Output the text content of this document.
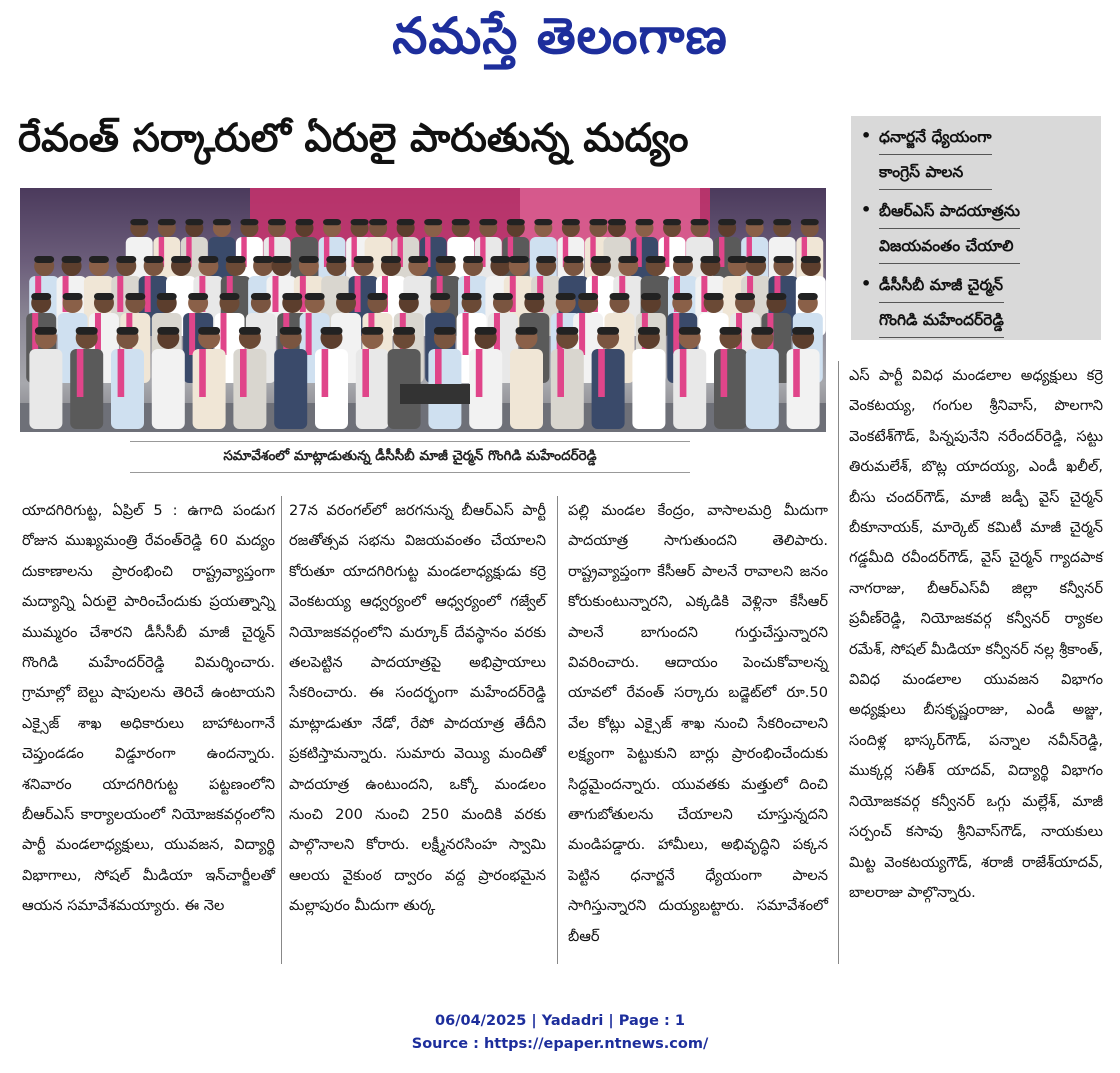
నమస్తే తెలంగాణ
రేవంత్ సర్కారులో ఏరులై పారుతున్న మద్యం
సమావేశంలో మాట్లాడుతున్న డీసీసీబీ మాజీ చైర్మన్ గొంగిడి మహేందర్‌రెడ్డి
• ధనార్జనే ధ్యేయంగా
కాంగ్రెస్ పాలన
• బీఆర్‌ఎస్ పాదయాత్రను
విజయవంతం చేయాలి
• డీసీసీబీ మాజీ చైర్మన్
గొంగిడి మహేందర్‌రెడ్డి

యాదగిరిగుట్ట, ఏప్రిల్ 5 : ఉగాది పండుగ రోజున ముఖ్యమంత్రి రేవంత్‌రెడ్డి 60 మద్యం దుకాణాలను ప్రారంభించి రాష్ట్రవ్యాప్తంగా మద్యాన్ని ఏరులై పారించేందుకు ప్రయత్నాన్ని ముమ్మరం చేశారని డీసీసీబీ మాజీ చైర్మన్ గొంగిడి మహేందర్‌రెడ్డి విమర్శించారు. గ్రామాల్లో బెల్టు షాపులను తెరిచే ఉంటాయని ఎక్సైజ్ శాఖ అధికారులు బాహాటంగానే చెప్తుండడం విడ్డూరంగా ఉందన్నారు. శనివారం యాదగిరిగుట్ట పట్టణంలోని బీఆర్‌ఎస్ కార్యాలయంలో నియోజకవర్గంలోని పార్టీ మండలాధ్యక్షులు, యువజన, విద్యార్థి విభాగాలు, సోషల్ మీడియా ఇన్‌చార్జీలతో ఆయన సమావేశమయ్యారు. ఈ నెల

27న వరంగల్‌లో జరగనున్న బీఆర్‌ఎస్ పార్టీ రజతోత్సవ సభను విజయవంతం చేయాలని కోరుతూ యాదగిరిగుట్ట మండలాధ్యక్షుడు కర్రె వెంకటయ్య ఆధ్వర్యంలో ఆధ్వర్యంలో గజ్వేల్ నియోజకవర్గంలోని మర్కూక్ దేవస్థానం వరకు తలపెట్టిన పాదయాత్రపై అభిప్రాయాలు సేకరించారు. ఈ సందర్భంగా మహేందర్‌రెడ్డి మాట్లాడుతూ నేడో, రేపో పాదయాత్ర తేదీని ప్రకటిస్తామన్నారు. సుమారు వెయ్యి మందితో పాదయాత్ర ఉంటుందని, ఒక్కో మండలం నుంచి 200 నుంచి 250 మందికి వరకు పాల్గొనాలని కోరారు. లక్ష్మీనరసింహ స్వామి ఆలయ వైకుంఠ ద్వారం వద్ద ప్రారంభమైన మల్లాపురం మీదుగా తుర్క

పల్లి మండల కేంద్రం, వాసాలమర్రి మీదుగా పాదయాత్ర సాగుతుందని తెలిపారు. రాష్ట్రవ్యాప్తంగా కేసీఆర్ పాలనే రావాలని జనం కోరుకుంటున్నారని, ఎక్కడికి వెళ్లినా కేసీఆర్ పాలనే బాగుందని గుర్తుచేస్తున్నారని వివరించారు. ఆదాయం పెంచుకోవాలన్న యావలో రేవంత్ సర్కారు బడ్జెట్‌లో రూ.50 వేల కోట్లు ఎక్సైజ్ శాఖ నుంచి సేకరించాలని లక్ష్యంగా పెట్టుకుని బార్లు ప్రారంభించేందుకు సిద్ధమైందన్నారు. యువతకు మత్తులో దించి తాగుబోతులను చేయాలని చూస్తున్నదని మండిపడ్డారు. హామీలు, అభివృద్ధిని పక్కన పెట్టిన ధనార్జనే ధ్యేయంగా పాలన సాగిస్తున్నారని దుయ్యబట్టారు. సమావేశంలో బీఆర్

ఎస్ పార్టీ వివిధ మండలాల అధ్యక్షులు కర్రె వెంకటయ్య, గంగుల శ్రీనివాస్, పొలగాని వెంకటేశ్‌గౌడ్, పిన్నపునేని నరేందర్‌రెడ్డి, సట్టు తిరుమలేశ్, బొట్ల యాదయ్య, ఎండీ ఖలీల్, బీసు చందర్‌గౌడ్, మాజీ జడ్పీ వైస్ చైర్మన్ బీకూనాయక్, మార్కెట్ కమిటీ మాజీ చైర్మన్ గడ్డమీది రవీందర్‌గౌడ్, వైస్ చైర్మన్ గ్యాదపాక నాగరాజు, బీఆర్‌ఎస్‌వీ జిల్లా కన్వీనర్ ప్రవీణ్‌రెడ్డి, నియోజకవర్గ కన్వీనర్ ర్యాకల రమేశ్, సోషల్ మీడియా కన్వీనర్ నల్ల శ్రీకాంత్, వివిధ మండలాల యువజన విభాగం అధ్యక్షులు బీసకృష్ణంరాజు, ఎండీ అజ్జు, సందిళ్ల భాస్కర్‌గౌడ్, పన్నాల నవీన్‌రెడ్డి, ముక్కర్ల సతీశ్ యాదవ్, విద్యార్థి విభాగం నియోజకవర్గ కన్వీనర్ ఒగ్గు మల్లేశ్, మాజీ సర్పంచ్ కసావు శ్రీనివాస్‌గౌడ్, నాయకులు మిట్ట వెంకటయ్యగౌడ్, శరాజీ రాజేశ్‌యాదవ్, బాలరాజు పాల్గొన్నారు.

06/04/2025 | Yadadri | Page : 1
Source : https://epaper.ntnews.com/
